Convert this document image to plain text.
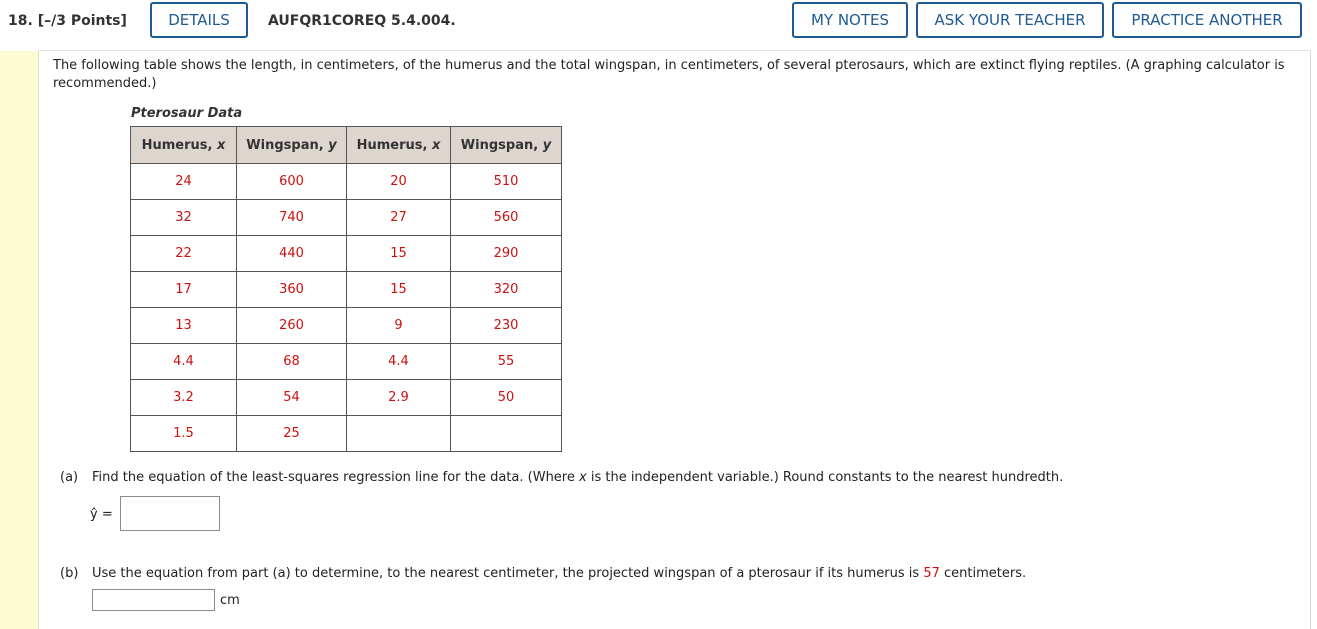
18. [–/3 Points]	DETAILS	AUFQR1COREQ 5.4.004.	MY NOTES	ASK YOUR TEACHER	PRACTICE ANOTHER
The following table shows the length, in centimeters, of the humerus and the total wingspan, in centimeters, of several pterosaurs, which are extinct flying reptiles. (A graphing calculator is recommended.)
Pterosaur Data
Humerus, x	Wingspan, y	Humerus, x	Wingspan, y
24	600	20	510
32	740	27	560
22	440	15	290
17	360	15	320
13	260	9	230
4.4	68	4.4	55
3.2	54	2.9	50
1.5	25		
(a) Find the equation of the least-squares regression line for the data. (Where x is the independent variable.) Round constants to the nearest hundredth.
ŷ =
(b) Use the equation from part (a) to determine, to the nearest centimeter, the projected wingspan of a pterosaur if its humerus is 57 centimeters.
cm
